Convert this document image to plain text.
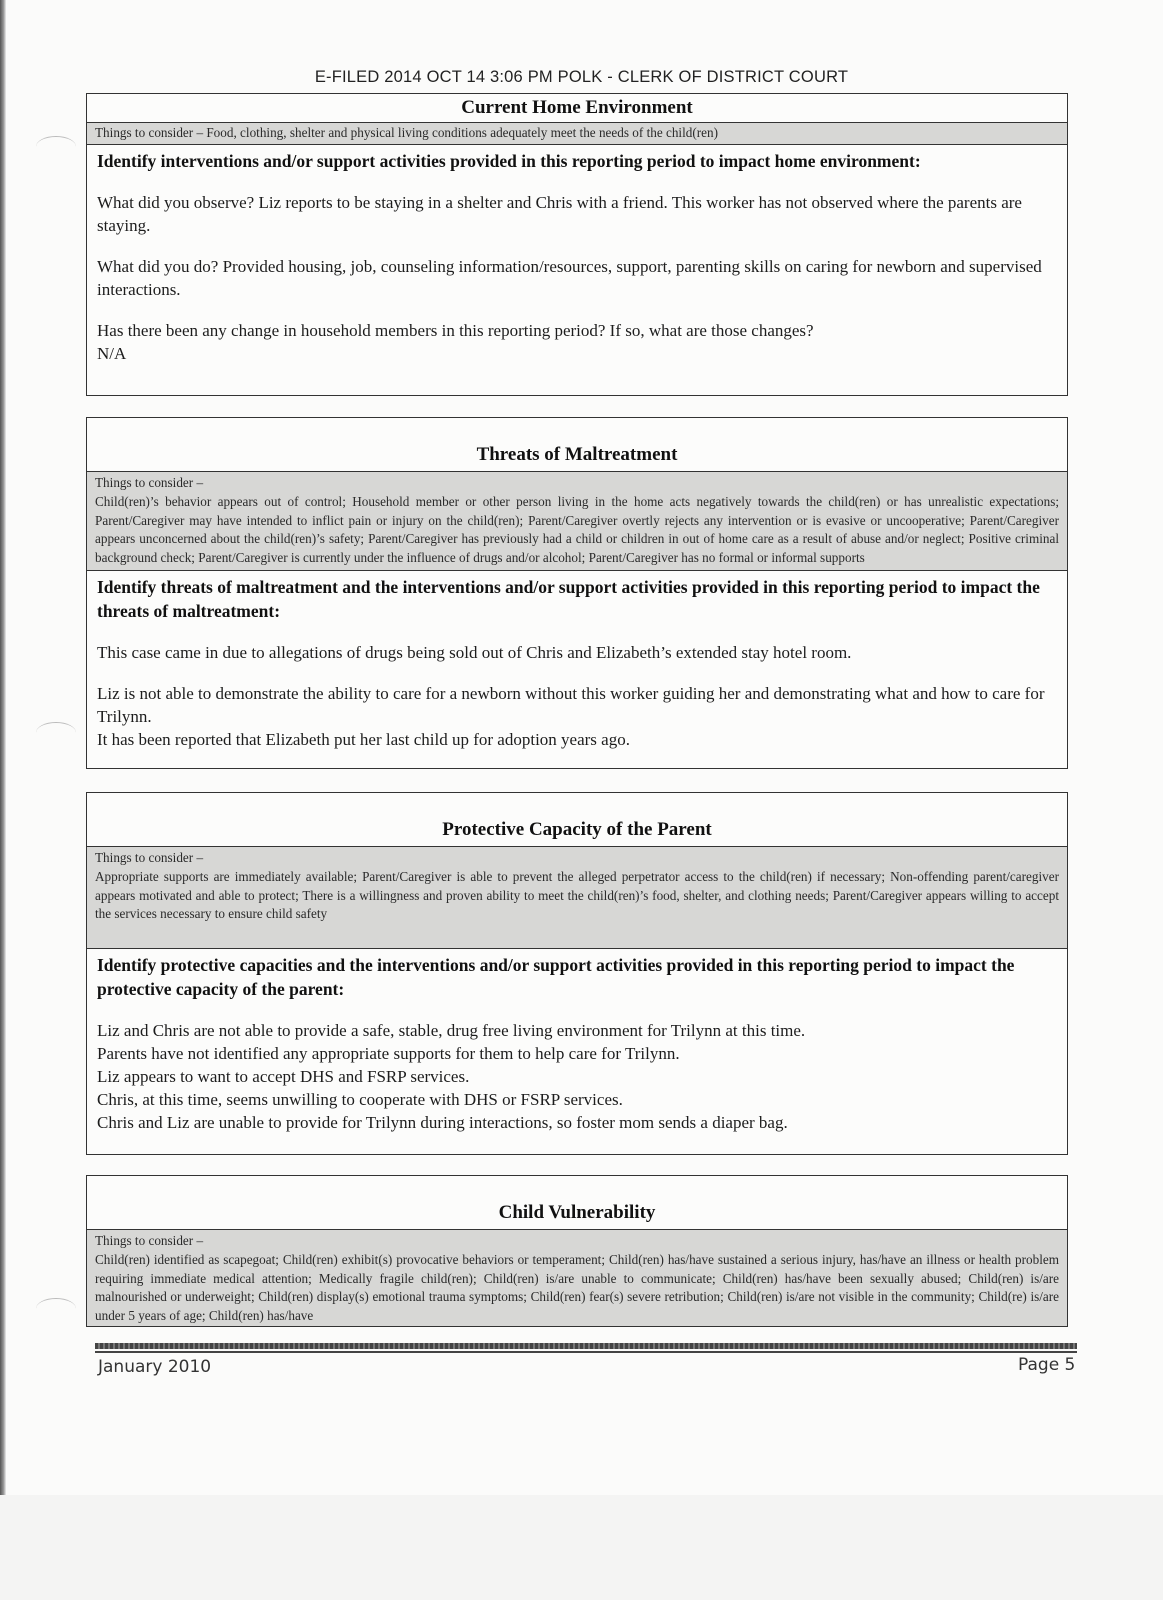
E-FILED 2014 OCT 14 3:06 PM POLK - CLERK OF DISTRICT COURT
Current Home Environment
Things to consider – Food, clothing, shelter and physical living conditions adequately meet the needs of the child(ren)
Identify interventions and/or support activities provided in this reporting period to impact home environment:
What did you observe? Liz reports to be staying in a shelter and Chris with a friend. This worker has not observed where the parents are staying.
What did you do? Provided housing, job, counseling information/resources, support, parenting skills on caring for newborn and supervised interactions.
Has there been any change in household members in this reporting period? If so, what are those changes?
N/A
Threats of Maltreatment
Things to consider –
Child(ren)’s behavior appears out of control; Household member or other person living in the home acts negatively towards the child(ren) or has unrealistic expectations; Parent/Caregiver may have intended to inflict pain or injury on the child(ren); Parent/Caregiver overtly rejects any intervention or is evasive or uncooperative; Parent/Caregiver appears unconcerned about the child(ren)’s safety; Parent/Caregiver has previously had a child or children in out of home care as a result of abuse and/or neglect; Positive criminal background check; Parent/Caregiver is currently under the influence of drugs and/or alcohol; Parent/Caregiver has no formal or informal supports
Identify threats of maltreatment and the interventions and/or support activities provided in this reporting period to impact the threats of maltreatment:
This case came in due to allegations of drugs being sold out of Chris and Elizabeth’s extended stay hotel room.
Liz is not able to demonstrate the ability to care for a newborn without this worker guiding her and demonstrating what and how to care for Trilynn.
It has been reported that Elizabeth put her last child up for adoption years ago.
Protective Capacity of the Parent
Things to consider –
Appropriate supports are immediately available; Parent/Caregiver is able to prevent the alleged perpetrator access to the child(ren) if necessary; Non-offending parent/caregiver appears motivated and able to protect; There is a willingness and proven ability to meet the child(ren)’s food, shelter, and clothing needs; Parent/Caregiver appears willing to accept the services necessary to ensure child safety
Identify protective capacities and the interventions and/or support activities provided in this reporting period to impact the protective capacity of the parent:
Liz and Chris are not able to provide a safe, stable, drug free living environment for Trilynn at this time.
Parents have not identified any appropriate supports for them to help care for Trilynn.
Liz appears to want to accept DHS and FSRP services.
Chris, at this time, seems unwilling to cooperate with DHS or FSRP services.
Chris and Liz are unable to provide for Trilynn during interactions, so foster mom sends a diaper bag.
Child Vulnerability
Things to consider –
Child(ren) identified as scapegoat; Child(ren) exhibit(s) provocative behaviors or temperament; Child(ren) has/have sustained a serious injury, has/have an illness or health problem requiring immediate medical attention; Medically fragile child(ren); Child(ren) is/are unable to communicate; Child(ren) has/have been sexually abused; Child(ren) is/are malnourished or underweight; Child(ren) display(s) emotional trauma symptoms; Child(ren) fear(s) severe retribution; Child(ren) is/are not visible in the community; Child(re) is/are under 5 years of age; Child(ren) has/have
January 2010	Page 5
